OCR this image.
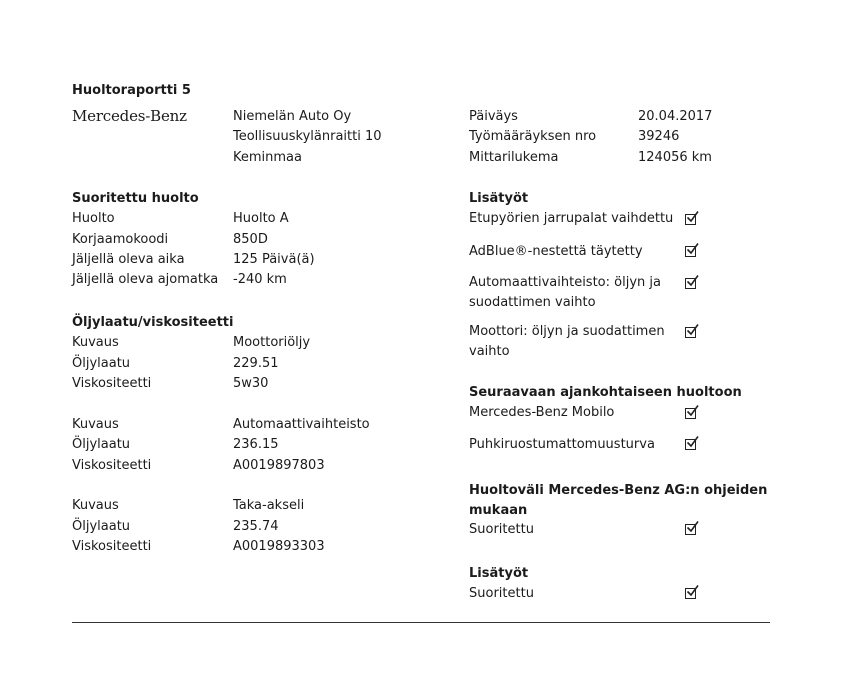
Huoltoraportti 5
Mercedes-Benz	Niemelän Auto Oy
Teollisuuskylänraitti 10
Keminmaa
Päiväys	20.04.2017
Työmääräyksen nro	39246
Mittarilukema	124056 km
Suoritettu huolto
Huolto	Huolto A
Korjaamokoodi	850D
Jäljellä oleva aika	125 Päivä(ä)
Jäljellä oleva ajomatka -240 km
Öljylaatu/viskositeetti
Kuvaus	Moottoriöljy
Öljylaatu	229.51
Viskositeetti	5w30
Kuvaus	Automaattivaihteisto
Öljylaatu	236.15
Viskositeetti	A0019897803
Kuvaus	Taka-akseli
Öljylaatu	235.74
Viskositeetti	A0019893303
Lisätyöt
Etupyörien jarrupalat vaihdettu
AdBlue®-nestettä täytetty
Automaattivaihteisto: öljyn ja suodattimen vaihto
Moottori: öljyn ja suodattimen vaihto
Seuraavaan ajankohtaiseen huoltoon
Mercedes-Benz Mobilo
Puhkiruostumattomuusturva
Huoltoväli Mercedes-Benz AG:n ohjeiden mukaan
Suoritettu
Lisätyöt
Suoritettu
